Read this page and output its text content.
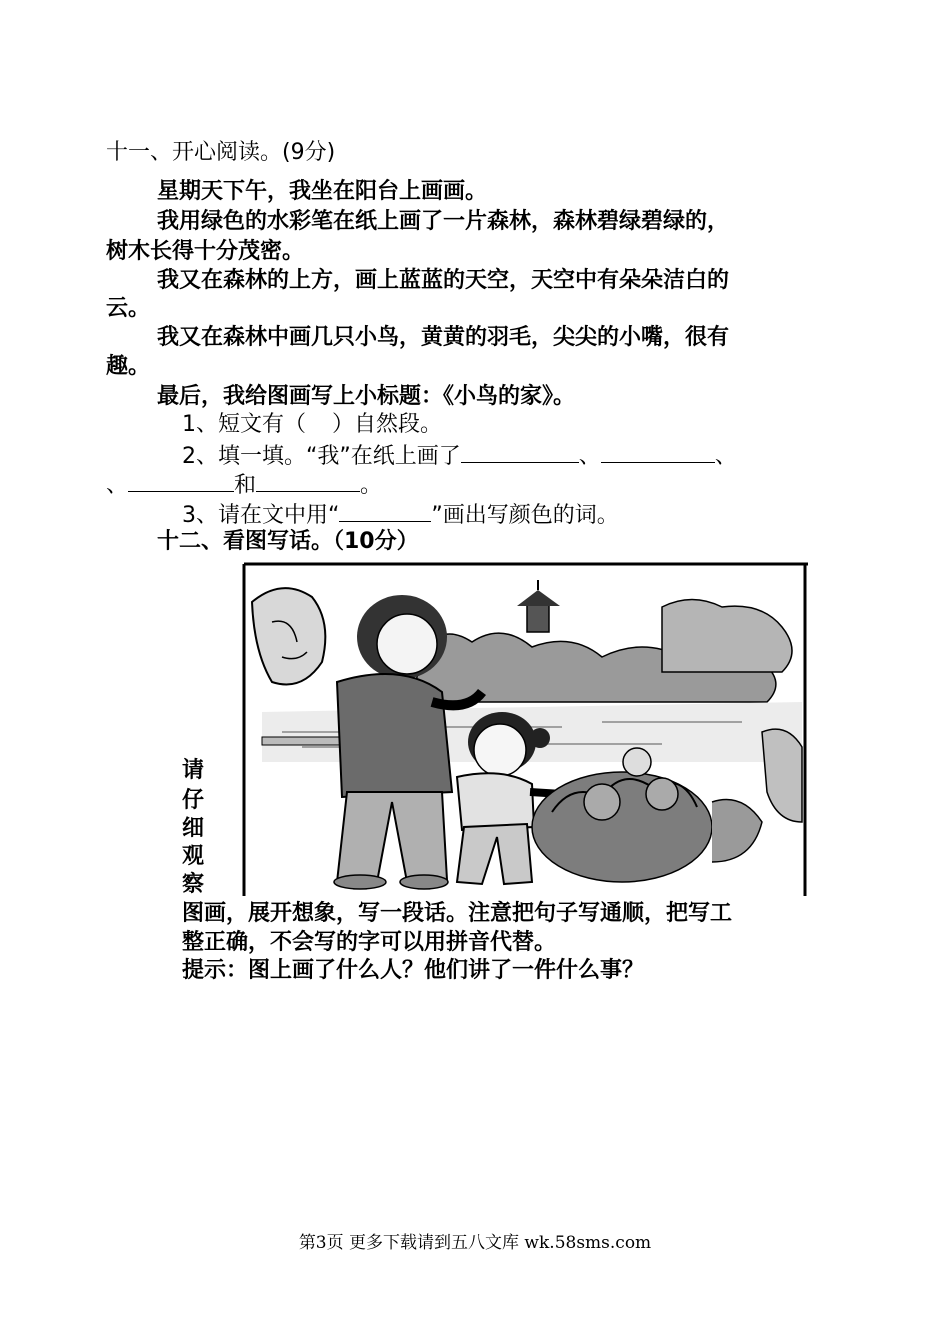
十一、开心阅读。(9分)
星期天下午，我坐在阳台上画画。
我用绿色的水彩笔在纸上画了一片森林，森林碧绿碧绿的，
树木长得十分茂密。
我又在森林的上方，画上蓝蓝的天空，天空中有朵朵洁白的
云。
我又在森林中画几只小鸟，黄黄的羽毛，尖尖的小嘴，很有
趣。
最后，我给图画写上小标题：《小鸟的家》。
1、短文有（ ）自然段。
2、填一填。“我”在纸上画了	、	、
、	和	。
3、请在文中用“	”画出写颜色的词。
十二、看图写话。（10分）
请
仔
细
观
察
图画，展开想象，写一段话。注意把句子写通顺，把写工
整正确，不会写的字可以用拼音代替。
提示：图上画了什么人？他们讲了一件什么事？
第3页 更多下载请到五八文库 wk.58sms.com
